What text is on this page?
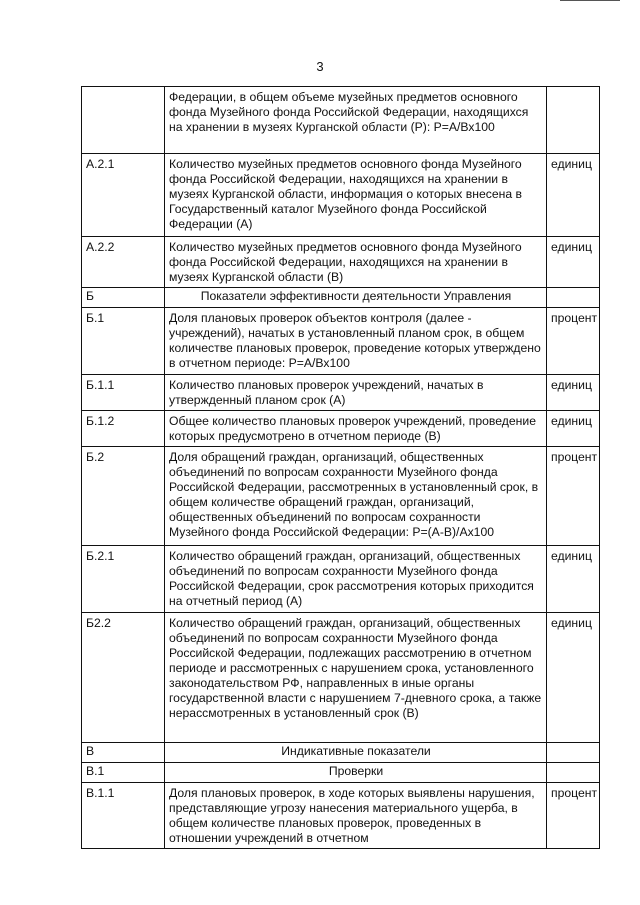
3
	Федерации, в общем объеме музейных предметов основного фонда Музейного фонда Российской Федерации, находящихся на хранении в музеях Курганской области (Р): Р=А/Вх100	
А.2.1	Количество музейных предметов основного фонда Музейного фонда Российской Федерации, находящихся на хранении в музеях Курганской области, информация о которых внесена в Государственный каталог Музейного фонда Российской Федерации (А)	единиц
А.2.2	Количество музейных предметов основного фонда Музейного фонда Российской Федерации, находящихся на хранении в музеях Курганской области (В)	единиц
Б	Показатели эффективности деятельности Управления	
Б.1	Доля плановых проверок объектов контроля (далее - учреждений), начатых в установленный планом срок, в общем количестве плановых проверок, проведение которых утверждено в отчетном периоде: Р=А/Вх100	процент
Б.1.1	Количество плановых проверок учреждений, начатых в утвержденный планом срок (А)	единиц
Б.1.2	Общее количество плановых проверок учреждений, проведение которых предусмотрено в отчетном периоде (В)	единиц
Б.2	Доля обращений граждан, организаций, общественных объединений по вопросам сохранности Музейного фонда Российской Федерации, рассмотренных в установленный срок, в общем количестве обращений граждан, организаций, общественных объединений по вопросам сохранности Музейного фонда Российской Федерации: Р=(А-В)/Ах100	процент
Б.2.1	Количество обращений граждан, организаций, общественных объединений по вопросам сохранности Музейного фонда Российской Федерации, срок рассмотрения которых приходится на отчетный период (А)	единиц
Б2.2	Количество обращений граждан, организаций, общественных объединений по вопросам сохранности Музейного фонда Российской Федерации, подлежащих рассмотрению в отчетном периоде и рассмотренных с нарушением срока, установленного законодательством РФ, направленных в иные органы государственной власти с нарушением 7-дневного срока, а также нерассмотренных в установленный срок (В)	единиц
В	Индикативные показатели	
В.1	Проверки	
В.1.1	Доля плановых проверок, в ходе которых выявлены нарушения, представляющие угрозу нанесения материального ущерба, в общем количестве плановых проверок, проведенных в отношении учреждений в отчетном	процент
